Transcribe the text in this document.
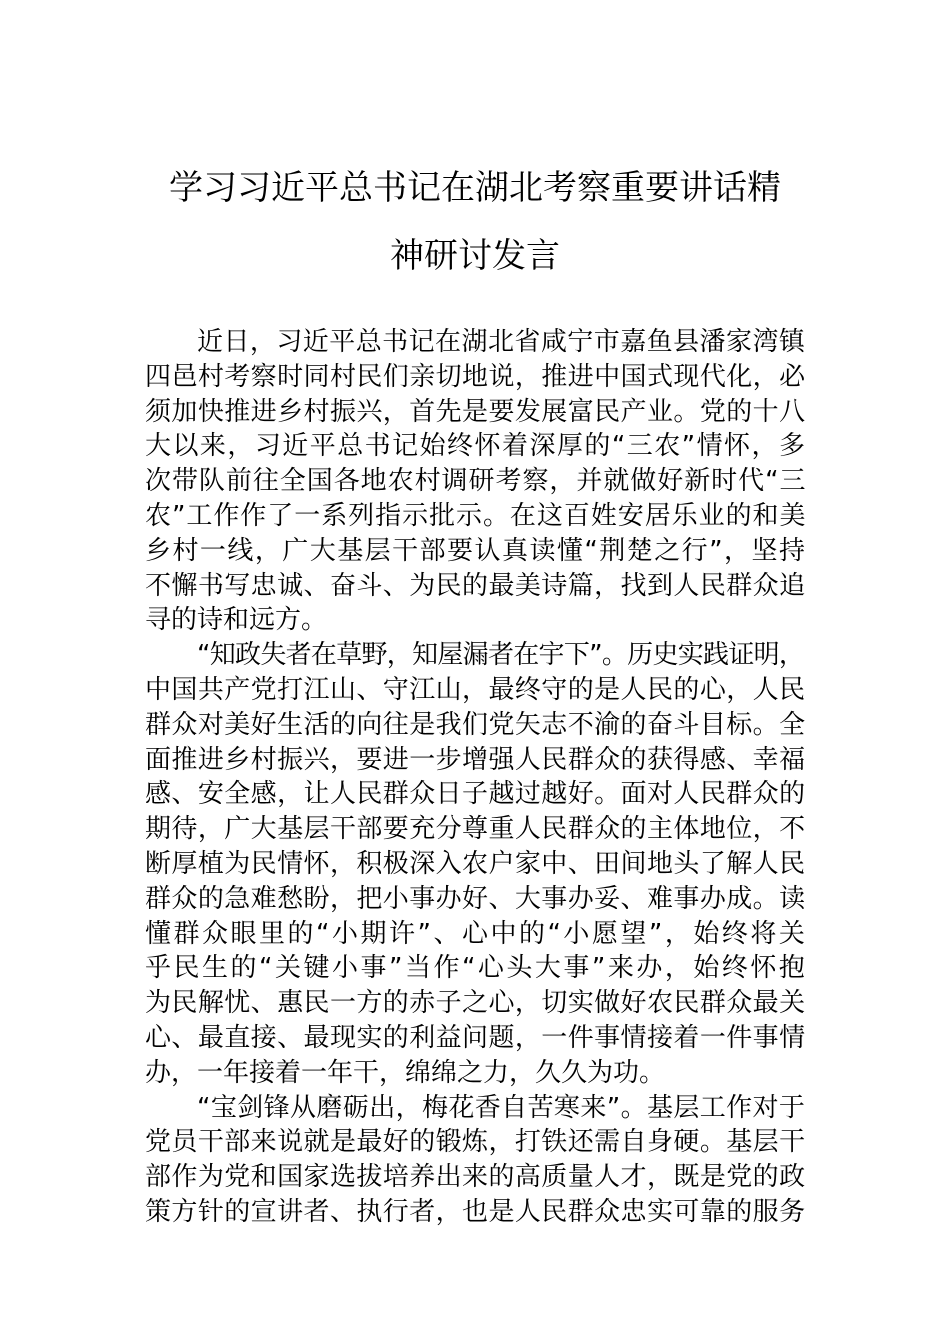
学习习近平总书记在湖北考察重要讲话精
神研讨发言
近日，习近平总书记在湖北省咸宁市嘉鱼县潘家湾镇
四邑村考察时同村民们亲切地说，推进中国式现代化，必
须加快推进乡村振兴，首先是要发展富民产业。党的十八
大以来，习近平总书记始终怀着深厚的“三农”情怀，多
次带队前往全国各地农村调研考察，并就做好新时代“三
农”工作作了一系列指示批示。在这百姓安居乐业的和美
乡村一线，广大基层干部要认真读懂“荆楚之行”，坚持
不懈书写忠诚、奋斗、为民的最美诗篇，找到人民群众追
寻的诗和远方。
“知政失者在草野，知屋漏者在宇下”。历史实践证明，
中国共产党打江山、守江山，最终守的是人民的心，人民
群众对美好生活的向往是我们党矢志不渝的奋斗目标。全
面推进乡村振兴，要进一步增强人民群众的获得感、幸福
感、安全感，让人民群众日子越过越好。面对人民群众的
期待，广大基层干部要充分尊重人民群众的主体地位，不
断厚植为民情怀，积极深入农户家中、田间地头了解人民
群众的急难愁盼，把小事办好、大事办妥、难事办成。读
懂群众眼里的“小期许”、心中的“小愿望”，始终将关
乎民生的“关键小事”当作“心头大事”来办，始终怀抱
为民解忧、惠民一方的赤子之心，切实做好农民群众最关
心、最直接、最现实的利益问题，一件事情接着一件事情
办，一年接着一年干，绵绵之力，久久为功。
“宝剑锋从磨砺出，梅花香自苦寒来”。基层工作对于
党员干部来说就是最好的锻炼，打铁还需自身硬。基层干
部作为党和国家选拔培养出来的高质量人才，既是党的政
策方针的宣讲者、执行者，也是人民群众忠实可靠的服务
